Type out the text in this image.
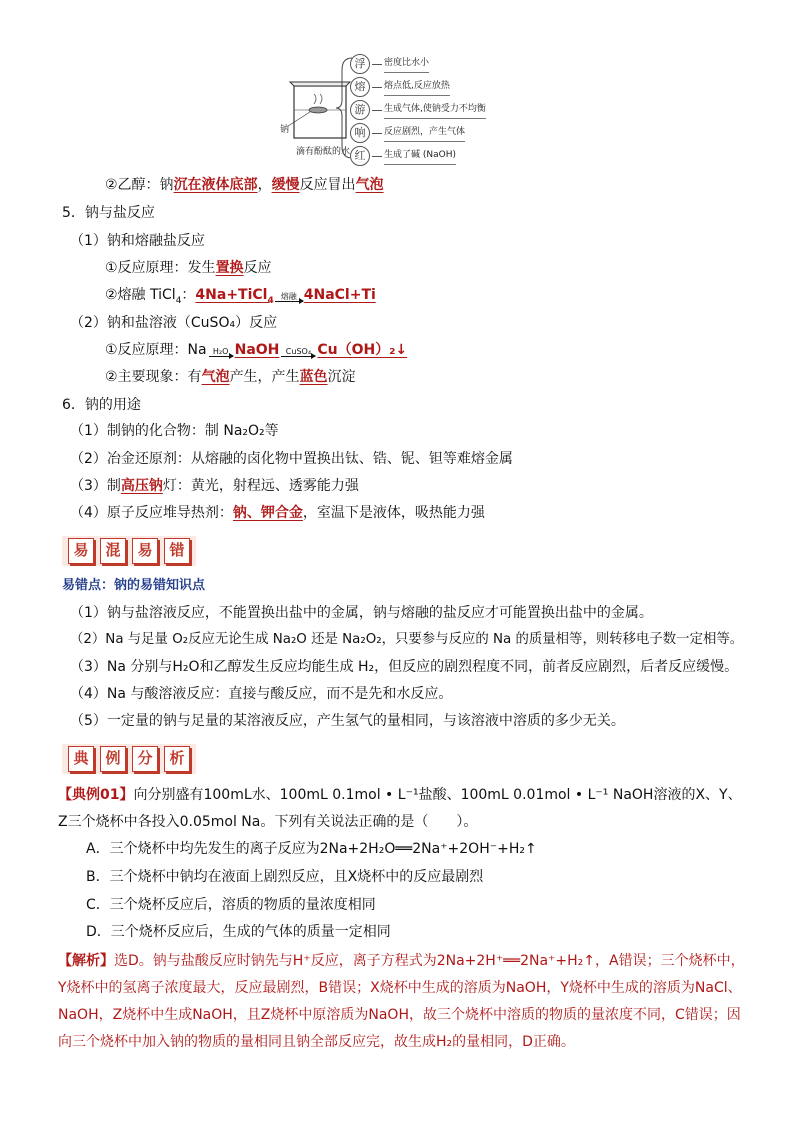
钠
滴有酚酞的水
浮	密度比水小
熔	熔点低,反应放热
游	生成气体,使钠受力不均衡
响	反应剧烈，产生气体
红	生成了碱 (NaOH)
②乙醇：钠沉在液体底部，缓慢反应冒出气泡
5．钠与盐反应
（1）钠和熔融盐反应
①反应原理：发生置换反应
②熔融 TiCl$_4$：4Na+TiCl$_4$ 熔融 4NaCl+Ti
（2）钠和盐溶液（CuSO₄）反应
①反应原理：Na H₂O NaOH CuSO₄ Cu（OH）₂↓
②主要现象：有气泡产生，产生蓝色沉淀
6．钠的用途
（1）制钠的化合物：制 Na₂O₂等
（2）冶金还原剂：从熔融的卤化物中置换出钛、锆、铌、钽等难熔金属
（3）制高压钠灯：黄光，射程远、透雾能力强
（4）原子反应堆导热剂：钠、钾合金，室温下是液体，吸热能力强
易	混	易	错
易错点：钠的易错知识点
（1）钠与盐溶液反应，不能置换出盐中的金属，钠与熔融的盐反应才可能置换出盐中的金属。
（2）Na 与足量 O₂反应无论生成 Na₂O 还是 Na₂O₂，只要参与反应的 Na 的质量相等，则转移电子数一定相等。
（3）Na 分别与H₂O和乙醇发生反应均能生成 H₂，但反应的剧烈程度不同，前者反应剧烈，后者反应缓慢。
（4）Na 与酸溶液反应：直接与酸反应，而不是先和水反应。
（5）一定量的钠与足量的某溶液反应，产生氢气的量相同，与该溶液中溶质的多少无关。
典	例	分	析
【典例01】向分别盛有100mL水、100mL 0.1mol • L⁻¹盐酸、100mL 0.01mol • L⁻¹ NaOH溶液的X、Y、Z三个烧杯中各投入0.05mol Na。下列有关说法正确的是（　　）。
A．三个烧杯中均先发生的离子反应为2Na+2H₂O══2Na⁺+2OH⁻+H₂↑
B．三个烧杯中钠均在液面上剧烈反应，且X烧杯中的反应最剧烈
C．三个烧杯反应后，溶质的物质的量浓度相同
D．三个烧杯反应后，生成的气体的质量一定相同
【解析】选D。钠与盐酸反应时钠先与H⁺反应，离子方程式为2Na+2H⁺══2Na⁺+H₂↑，A错误；三个烧杯中，Y烧杯中的氢离子浓度最大，反应最剧烈，B错误；X烧杯中生成的溶质为NaOH，Y烧杯中生成的溶质为NaCl、NaOH，Z烧杯中生成NaOH，且Z烧杯中原溶质为NaOH，故三个烧杯中溶质的物质的量浓度不同，C错误；因向三个烧杯中加入钠的物质的量相同且钠全部反应完，故生成H₂的量相同，D正确。
